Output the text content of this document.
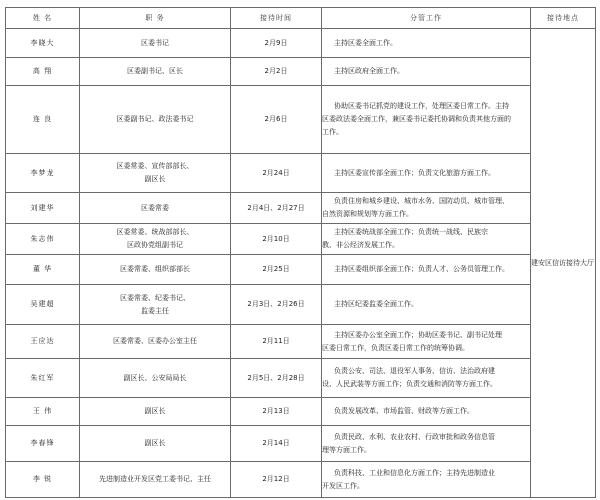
姓 名	职 务	接待时间	分管工作	接待地点
李晓大	区委书记	2月9日	主持区委全面工作。	建安区信访接待大厅
高 翔	区委副书记、区长	2月2日	主持区政府全面工作。	

连 良	区委副书记、政法委书记	2月6日	协助区委书记抓党的建设工作，处理区委日常工作。主持
区委政法委全面工作，兼区委书记委托协调和负责其他方面的
工作。	

李梦龙	区委常委、宣传部部长、
副区长	2月24日	主持区委宣传部全面工作；负责文化旅游方面工作。	

刘建华	区委常委	2月4日、2月27日	负责住房和城乡建设、城市水务、国防动员、城市管理、
自然资源和规划等方面工作。	

朱志伟	区委常委、统战部部长、
区政协党组副书记	2月10日	主持区委统战部全面工作；负责统一战线、民族宗
教、非公经济发展工作。	

董 华	区委常委、组织部部长	2月25日	主持区委组织部全面工作；负责人才、公务员管理工作。	

吴建超	区委常委、纪委书记、
监委主任	2月3日、2月26日	主持区纪委监委全面工作。	

王应达	区委常委、区委办公室主任	2月11日	主持区委办公室全面工作；协助区委书记、副书记处理
区委日常工作，负责区委日常工作的统筹协调。	

朱红军	副区长、公安局局长	2月5日、2月28日	负责公安、司法、退役军人事务、信访、法治政府建
设、人民武装等方面工作；负责交通和消防等方面工作。	

王 伟	副区长	2月13日	负责发展改革、市场监管、财政等方面工作。	

李春锋	副区长	2月14日	负责民政、水利、农业农村、行政审批和政务信息管
理等方面工作。	

李 锐	先进制造业开发区党工委书记、主任	2月12日	负责科技、工业和信息化方面工作；主持先进制造业
开发区工作。	
